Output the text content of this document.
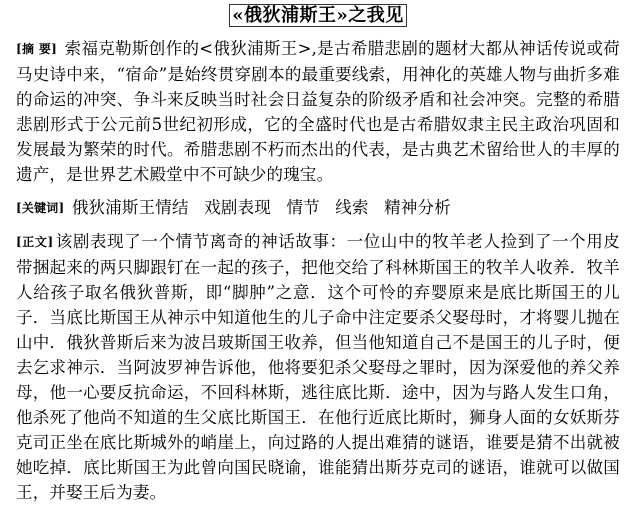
«俄狄浦斯王»之我见

[摘 要] 索福克勒斯创作的<俄狄浦斯王>,是古希腊悲剧的题材大都从神话传说或荷马史诗中来，“宿命”是始终贯穿剧本的最重要线索，用神化的英雄人物与曲折多难的命运的冲突、争斗来反映当时社会日益复杂的阶级矛盾和社会冲突。完整的希腊悲剧形式于公元前5世纪初形成，它的全盛时代也是古希腊奴隶主民主政治巩固和发展最为繁荣的时代。希腊悲剧不朽而杰出的代表，是古典艺术留给世人的丰厚的遗产，是世界艺术殿堂中不可缺少的瑰宝。

[关键词] 俄狄浦斯王情结 戏剧表现 情节 线索 精神分析

[正文] 该剧表现了一个情节离奇的神话故事：一位山中的牧羊老人捡到了一个用皮带捆起来的两只脚跟钉在一起的孩子，把他交给了科林斯国王的牧羊人收养．牧羊人给孩子取名俄狄普斯，即“脚肿”之意．这个可怜的弃婴原来是底比斯国王的儿子．当底比斯国王从神示中知道他生的儿子命中注定要杀父娶母时，才将婴儿抛在山中．俄狄普斯后来为波吕玻斯国王收养，但当他知道自己不是国王的儿子时，便去乞求神示．当阿波罗神告诉他，他将要犯杀父娶母之罪时，因为深爱他的养父养母，他一心要反抗命运，不回科林斯，逃往底比斯．途中，因为与路人发生口角，他杀死了他尚不知道的生父底比斯国王．在他行近底比斯时，狮身人面的女妖斯芬克司正坐在底比斯城外的峭崖上，向过路的人提出难猜的谜语，谁要是猜不出就被她吃掉．底比斯国王为此曾向国民晓谕，谁能猜出斯芬克司的谜语，谁就可以做国王，并娶王后为妻。
